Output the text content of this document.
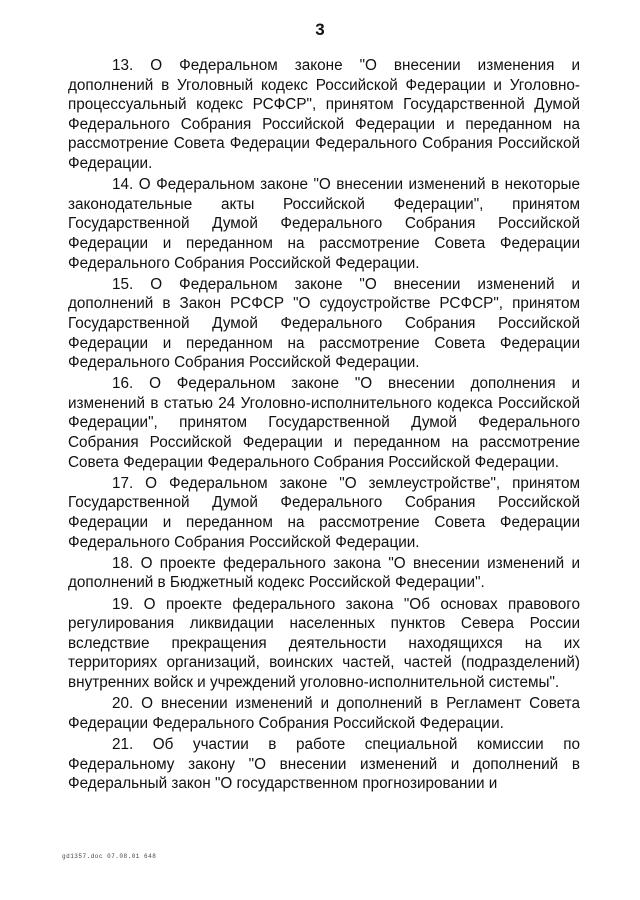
3

13. О Федеральном законе "О внесении изменения и дополнений в Уголовный кодекс Российской Федерации и Уголовно-процессуальный кодекс РСФСР", принятом Государственной Думой Федерального Собрания Российской Федерации и переданном на рассмотрение Совета Федерации Федерального Собрания Российской Федерации.

14. О Федеральном законе "О внесении изменений в некоторые законодательные акты Российской Федерации", принятом Государственной Думой Федерального Собрания Российской Федерации и переданном на рассмотрение Совета Федерации Федерального Собрания Российской Федерации.

15. О Федеральном законе "О внесении изменений и дополнений в Закон РСФСР "О судоустройстве РСФСР", принятом Государственной Думой Федерального Собрания Российской Федерации и переданном на рассмотрение Совета Федерации Федерального Собрания Российской Федерации.

16. О Федеральном законе "О внесении дополнения и изменений в статью 24 Уголовно-исполнительного кодекса Российской Федерации", принятом Государственной Думой Федерального Собрания Российской Федерации и переданном на рассмотрение Совета Федерации Федерального Собрания Российской Федерации.

17. О Федеральном законе "О землеустройстве", принятом Государственной Думой Федерального Собрания Российской Федерации и переданном на рассмотрение Совета Федерации Федерального Собрания Российской Федерации.

18. О проекте федерального закона "О внесении изменений и дополнений в Бюджетный кодекс Российской Федерации".

19. О проекте федерального закона "Об основах правового регулирования ликвидации населенных пунктов Севера России вследствие прекращения деятельности находящихся на их территориях организаций, воинских частей, частей (подразделений) внутренних войск и учреждений уголовно-исполнительной системы".

20. О внесении изменений и дополнений в Регламент Совета Федерации Федерального Собрания Российской Федерации.

21. Об участии в работе специальной комиссии по Федеральному закону "О внесении изменений и дополнений в Федеральный закон "О государственном прогнозировании и

gd1357.doc 07.08.01 648
